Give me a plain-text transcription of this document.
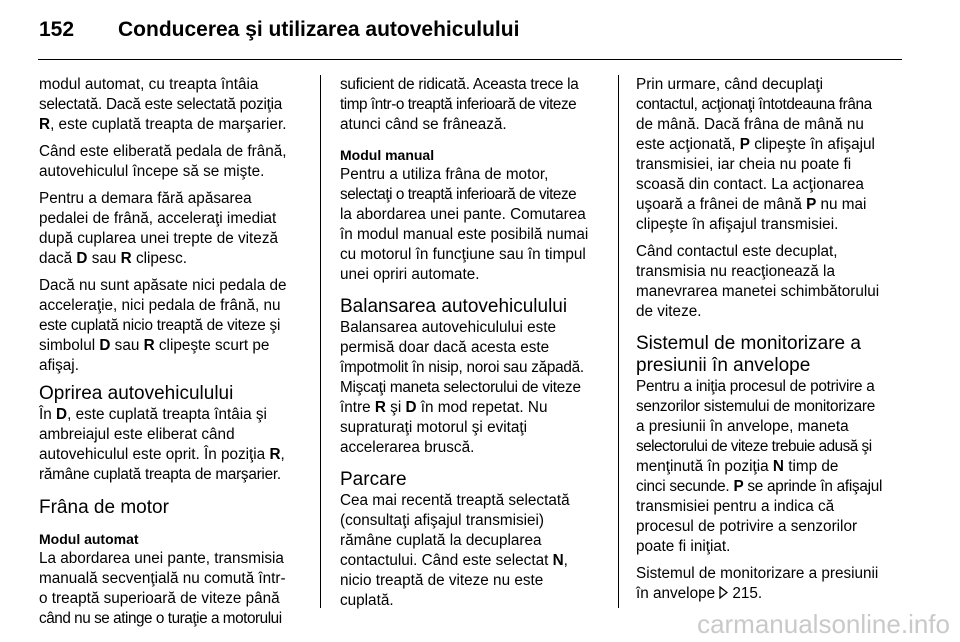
152 Conducerea şi utilizarea autovehiculului

modul automat, cu treapta întâia
selectată. Dacă este selectată poziţia
R, este cuplată treapta de marşarier.

Când este eliberată pedala de frână,
autovehiculul începe să se mişte.

Pentru a demara fără apăsarea
pedalei de frână, acceleraţi imediat
după cuplarea unei trepte de viteză
dacă D sau R clipesc.

Dacă nu sunt apăsate nici pedala de
acceleraţie, nici pedala de frână, nu
este cuplată nicio treaptă de viteze şi
simbolul D sau R clipeşte scurt pe
afişaj.

Oprirea autovehiculului

În D, este cuplată treapta întâia şi
ambreiajul este eliberat când
autovehiculul este oprit. În poziţia R,
rămâne cuplată treapta de marşarier.

Frâna de motor
Modul automat

La abordarea unei pante, transmisia
manuală secvenţială nu comută într-
o treaptă superioară de viteze până
când nu se atinge o turaţie a motorului

suficient de ridicată. Aceasta trece la
timp într-o treaptă inferioară de viteze
atunci când se frânează.

Modul manual

Pentru a utiliza frâna de motor,
selectaţi o treaptă inferioară de viteze
la abordarea unei pante. Comutarea
în modul manual este posibilă numai
cu motorul în funcţiune sau în timpul
unei opriri automate.

Balansarea autovehiculului

Balansarea autovehiculului este
permisă doar dacă acesta este
împotmolit în nisip, noroi sau zăpadă.
Mişcaţi maneta selectorului de viteze
între R şi D în mod repetat. Nu
supraturaţi motorul şi evitaţi
accelerarea bruscă.

Parcare

Cea mai recentă treaptă selectată
(consultaţi afişajul transmisiei)
rămâne cuplată la decuplarea
contactului. Când este selectat N,
nicio treaptă de viteze nu este
cuplată.

Prin urmare, când decuplaţi
contactul, acţionaţi întotdeauna frâna
de mână. Dacă frâna de mână nu
este acţionată, P clipeşte în afişajul
transmisiei, iar cheia nu poate fi
scoasă din contact. La acţionarea
uşoară a frânei de mână P nu mai
clipeşte în afişajul transmisiei.

Când contactul este decuplat,
transmisia nu reacţionează la
manevrarea manetei schimbătorului
de viteze.

Sistemul de monitorizare a
presiunii în anvelope

Pentru a iniţia procesul de potrivire a
senzorilor sistemului de monitorizare
a presiunii în anvelope, maneta
selectorului de viteze trebuie adusă şi
menţinută în poziţia N timp de
cinci secunde. P se aprinde în afişajul
transmisiei pentru a indica că
procesul de potrivire a senzorilor
poate fi iniţiat.

Sistemul de monitorizare a presiunii
în anvelope 215.

carmanualsonline.info
